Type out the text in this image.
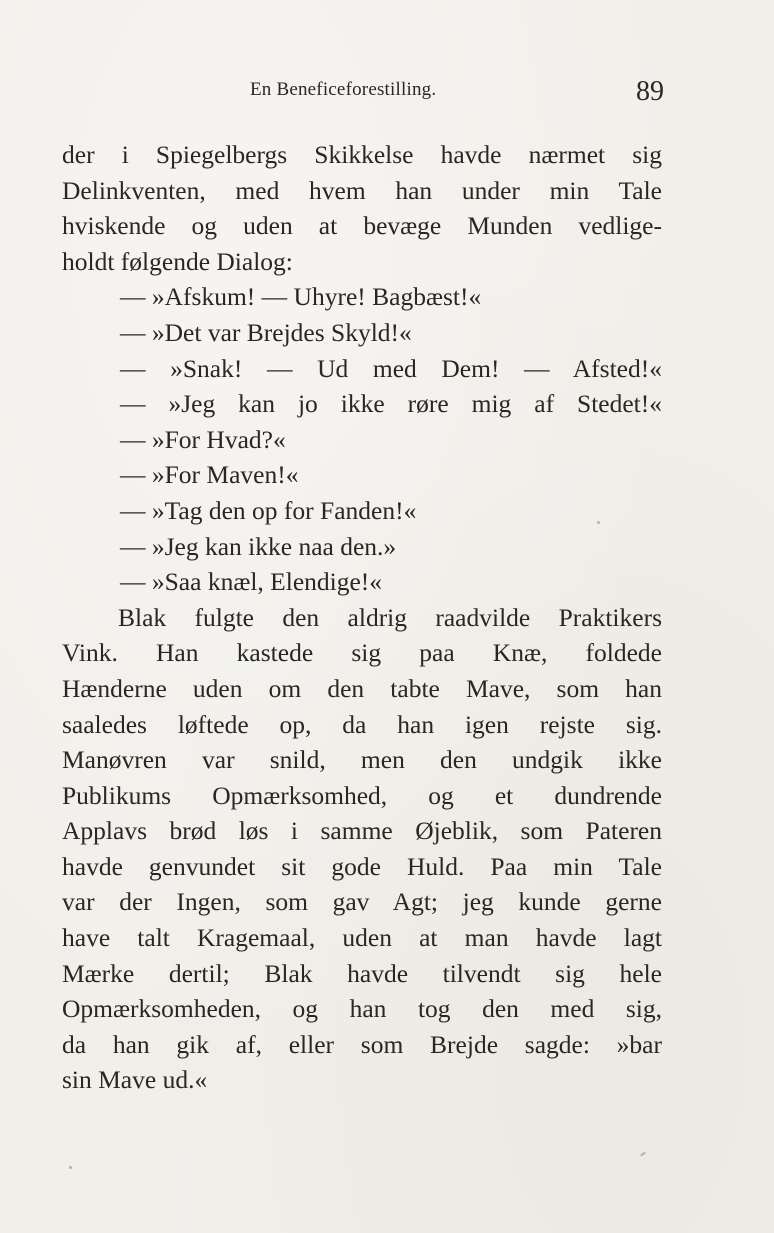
En Beneficeforestilling.	89
der i Spiegelbergs Skikkelse havde nærmet sig
Delinkventen, med hvem han under min Tale
hviskende og uden at bevæge Munden vedlige-
holdt følgende Dialog:
— »Afskum! — Uhyre! Bagbæst!«
— »Det var Brejdes Skyld!«
— »Snak! — Ud med Dem! — Afsted!«
— »Jeg kan jo ikke røre mig af Stedet!«
— »For Hvad?«
— »For Maven!«
— »Tag den op for Fanden!«
— »Jeg kan ikke naa den.»
— »Saa knæl, Elendige!«
Blak fulgte den aldrig raadvilde Praktikers
Vink. Han kastede sig paa Knæ, foldede
Hænderne uden om den tabte Mave, som han
saaledes løftede op, da han igen rejste sig.
Manøvren var snild, men den undgik ikke
Publikums Opmærksomhed, og et dundrende
Applavs brød løs i samme Øjeblik, som Pateren
havde genvundet sit gode Huld. Paa min Tale
var der Ingen, som gav Agt; jeg kunde gerne
have talt Kragemaal, uden at man havde lagt
Mærke dertil; Blak havde tilvendt sig hele
Opmærksomheden, og han tog den med sig,
da han gik af, eller som Brejde sagde: »bar
sin Mave ud.«
